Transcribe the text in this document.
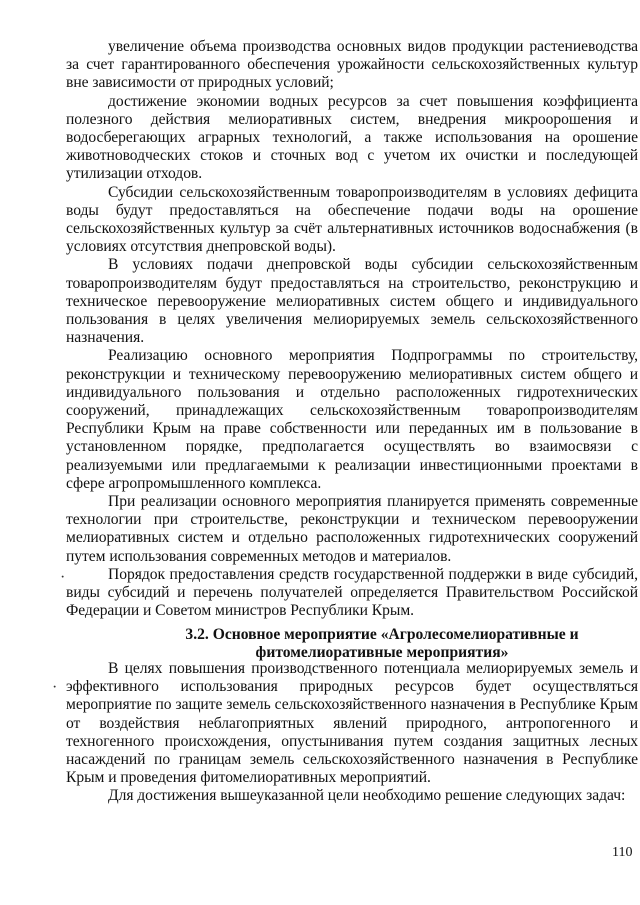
увеличение объема производства основных видов продукции растениеводства за счет гарантированного обеспечения урожайности сельскохозяйственных культур вне зависимости от природных условий;

достижение экономии водных ресурсов за счет повышения коэффициента полезного действия мелиоративных систем, внедрения микроорошения и водосберегающих аграрных технологий, а также использования на орошение животноводческих стоков и сточных вод с учетом их очистки и последующей утилизации отходов.

Субсидии сельскохозяйственным товаропроизводителям в условиях дефицита воды будут предоставляться на обеспечение подачи воды на орошение сельскохозяйственных культур за счёт альтернативных источников водоснабжения (в условиях отсутствия днепровской воды).

В условиях подачи днепровской воды субсидии сельскохозяйственным товаропроизводителям будут предоставляться на строительство, реконструкцию и техническое перевооружение мелиоративных систем общего и индивидуального пользования в целях увеличения мелиорируемых земель сельскохозяйственного назначения.

Реализацию основного мероприятия Подпрограммы по строительству, реконструкции и техническому перевооружению мелиоративных систем общего и индивидуального пользования и отдельно расположенных гидротехнических сооружений, принадлежащих сельскохозяйственным товаропроизводителям Республики Крым на праве собственности или переданных им в пользование в установленном порядке, предполагается осуществлять во взаимосвязи с реализуемыми или предлагаемыми к реализации инвестиционными проектами в сфере агропромышленного комплекса.

При реализации основного мероприятия планируется применять современные технологии при строительстве, реконструкции и техническом перевооружении мелиоративных систем и отдельно расположенных гидротехнических сооружений путем использования современных методов и материалов.

Порядок предоставления средств государственной поддержки в виде субсидий, виды субсидий и перечень получателей определяется Правительством Российской Федерации и Советом министров Республики Крым.

3.2. Основное мероприятие «Агролесомелиоративные и фитомелиоративные мероприятия»

В целях повышения производственного потенциала мелиорируемых земель и эффективного использования природных ресурсов будет осуществляться мероприятие по защите земель сельскохозяйственного назначения в Республике Крым от воздействия неблагоприятных явлений природного, антропогенного и техногенного происхождения, опустынивания путем создания защитных лесных насаждений по границам земель сельскохозяйственного назначения в Республике Крым и проведения фитомелиоративных мероприятий.

Для достижения вышеуказанной цели необходимо решение следующих задач:

·
·
110
